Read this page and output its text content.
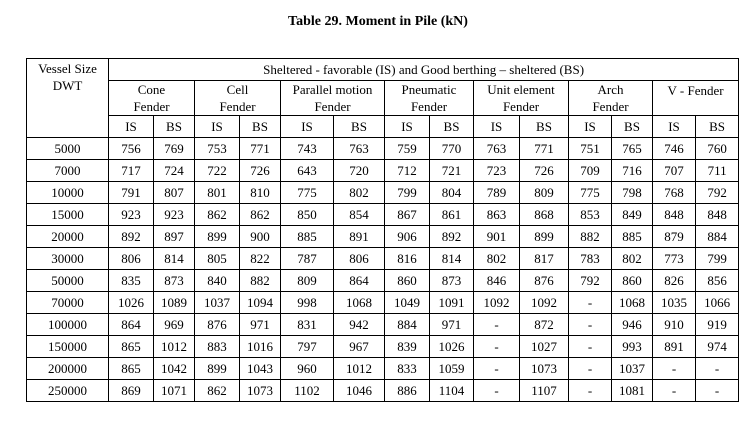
Table 29. Moment in Pile (kN)
Vessel Size
DWT	Sheltered - favorable (IS) and Good berthing – sheltered (BS)													

	Cone
Fender		Cell
Fender		Parallel motion
Fender		Pneumatic
Fender		Unit element
Fender		Arch
Fender		V - Fender	

	IS	BS	IS	BS	IS	BS	IS	BS	IS	BS	IS	BS	IS	BS
5000	756	769	753	771	743	763	759	770	763	771	751	765	746	760
7000	717	724	722	726	643	720	712	721	723	726	709	716	707	711
10000	791	807	801	810	775	802	799	804	789	809	775	798	768	792
15000	923	923	862	862	850	854	867	861	863	868	853	849	848	848
20000	892	897	899	900	885	891	906	892	901	899	882	885	879	884
30000	806	814	805	822	787	806	816	814	802	817	783	802	773	799
50000	835	873	840	882	809	864	860	873	846	876	792	860	826	856
70000	1026	1089	1037	1094	998	1068	1049	1091	1092	1092	-	1068	1035	1066
100000	864	969	876	971	831	942	884	971	-	872	-	946	910	919
150000	865	1012	883	1016	797	967	839	1026	-	1027	-	993	891	974
200000	865	1042	899	1043	960	1012	833	1059	-	1073	-	1037	-	-
250000	869	1071	862	1073	1102	1046	886	1104	-	1107	-	1081	-	-
